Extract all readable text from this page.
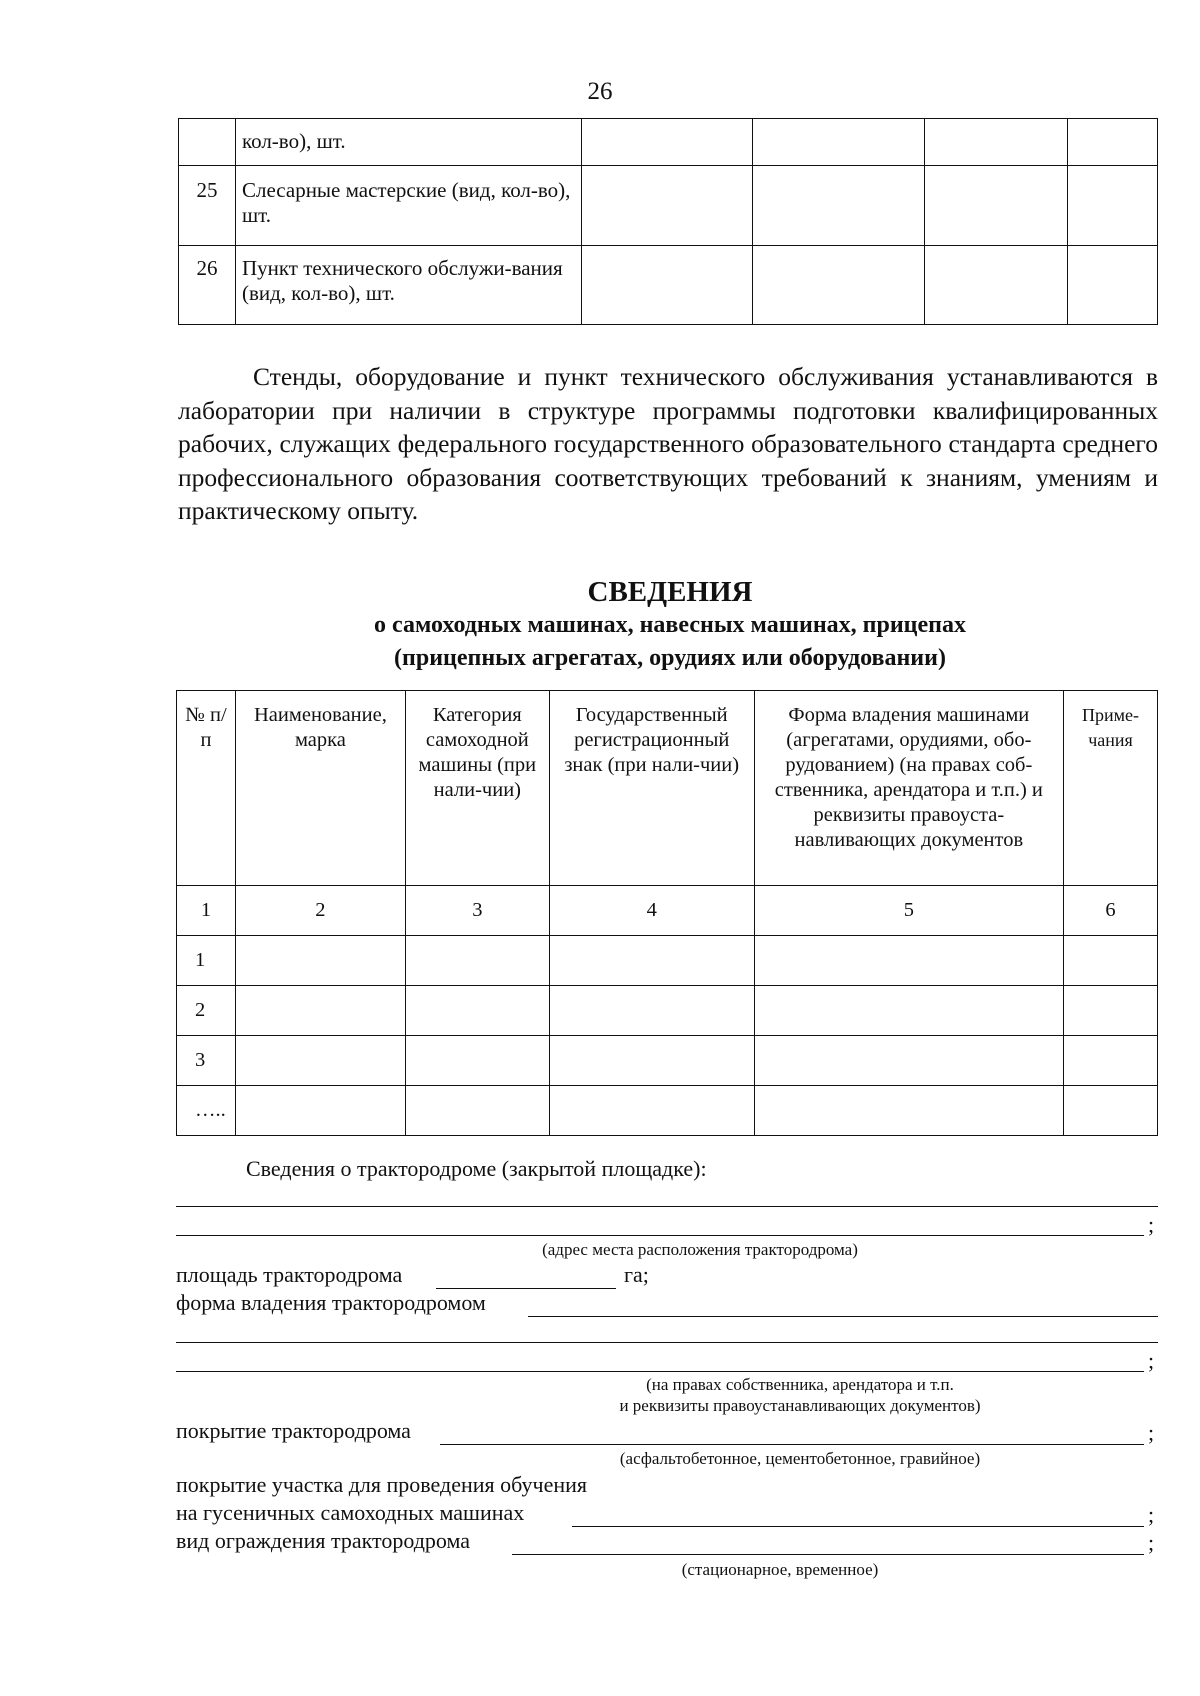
26
	кол-во), шт.				
25	Слесарные мастерские (вид, кол-во), шт.				
26	Пункт технического обслужи-вания (вид, кол-во), шт.				
Стенды, оборудование и пункт технического обслуживания устанавливаются в лаборатории при наличии в структуре программы подготовки квалифицированных рабочих, служащих федерального государственного образовательного стандарта среднего профессионального образования соответствующих требований к знаниям, умениям и практическому опыту.
СВЕДЕНИЯ
о самоходных машинах, навесных машинах, прицепах
(прицепных агрегатах, орудиях или оборудовании)
№ п/п	Наименование, марка	Категория самоходной машины (при нали-чии)	Государственный регистрационный знак (при нали-чии)	Форма владения машинами (агрегатами, орудиями, обо-рудованием) (на правах соб-ственника, арендатора и т.п.) и реквизиты правоуста-навливающих документов	Приме-чания
1	2	3	4	5	6
1					
2					
3					
…..					
Сведения о трактородроме (закрытой площадке):
;
(адрес места расположения трактородрома)
площадь трактородрома	га;
форма владения трактородромом
;
(на правах собственника, арендатора и т.п.
и реквизиты правоустанавливающих документов)
покрытие трактородрома	;
(асфальтобетонное, цементобетонное, гравийное)
покрытие участка для проведения обучения
на гусеничных самоходных машинах	;
вид ограждения трактородрома	;
(стационарное, временное)
